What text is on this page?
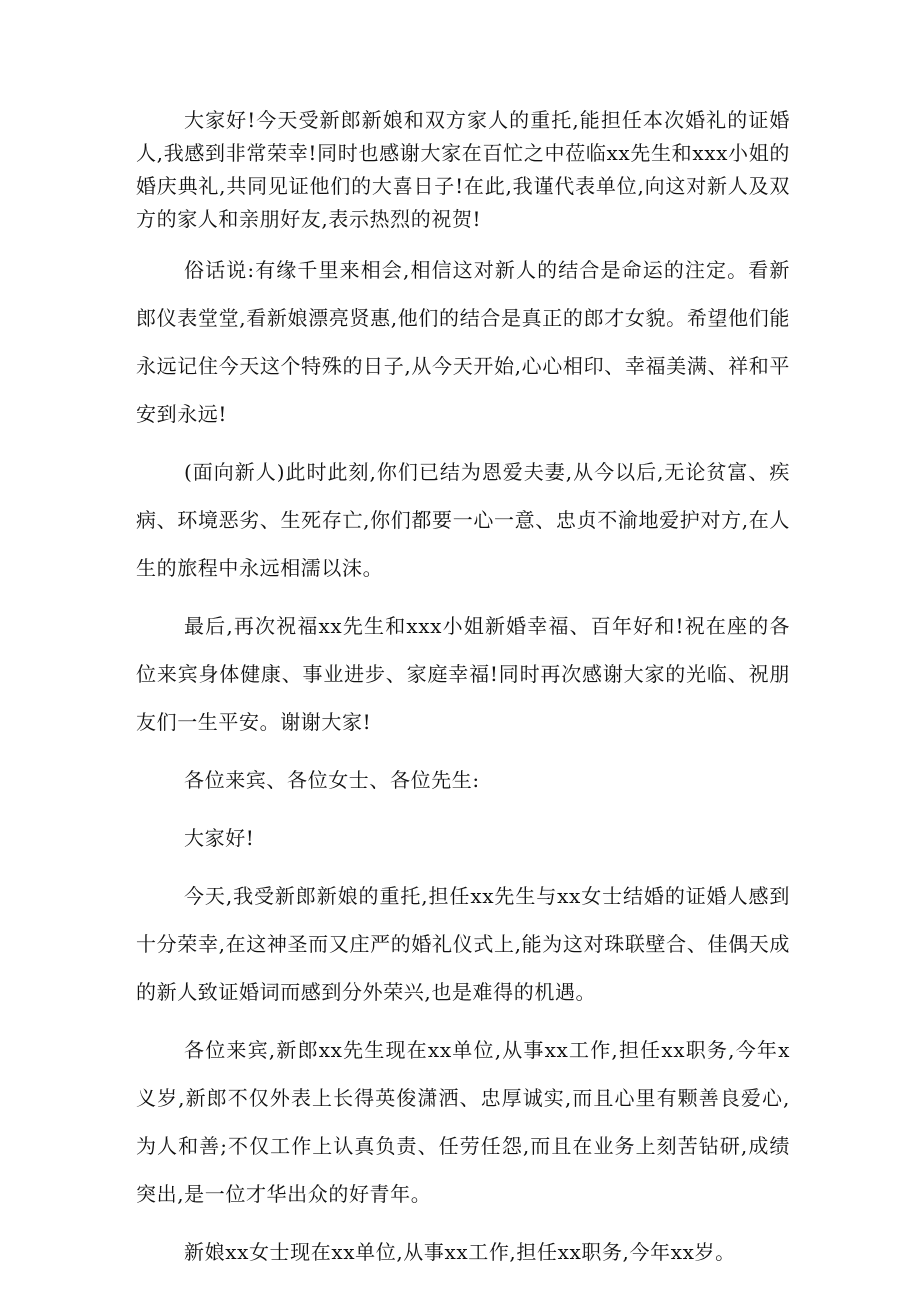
大家好!今天受新郎新娘和双方家人的重托,能担任本次婚礼的证婚人,我感到非常荣幸!同时也感谢大家在百忙之中莅临xx先生和xxx小姐的婚庆典礼,共同见证他们的大喜日子!在此,我谨代表单位,向这对新人及双方的家人和亲朋好友,表示热烈的祝贺!

俗话说:有缘千里来相会,相信这对新人的结合是命运的注定。看新郎仪表堂堂,看新娘漂亮贤惠,他们的结合是真正的郎才女貌。希望他们能永远记住今天这个特殊的日子,从今天开始,心心相印、幸福美满、祥和平安到永远!

(面向新人)此时此刻,你们已结为恩爱夫妻,从今以后,无论贫富、疾病、环境恶劣、生死存亡,你们都要一心一意、忠贞不渝地爱护对方,在人生的旅程中永远相濡以沫。

最后,再次祝福xx先生和xxx小姐新婚幸福、百年好和!祝在座的各位来宾身体健康、事业进步、家庭幸福!同时再次感谢大家的光临、祝朋友们一生平安。谢谢大家!

各位来宾、各位女士、各位先生:

大家好!

今天,我受新郎新娘的重托,担任xx先生与xx女士结婚的证婚人感到十分荣幸,在这神圣而又庄严的婚礼仪式上,能为这对珠联壁合、佳偶天成的新人致证婚词而感到分外荣兴,也是难得的机遇。

各位来宾,新郎xx先生现在xx单位,从事xx工作,担任xx职务,今年x义岁,新郎不仅外表上长得英俊潇洒、忠厚诚实,而且心里有颗善良爱心,为人和善;不仅工作上认真负责、任劳任怨,而且在业务上刻苦钻研,成绩突出,是一位才华出众的好青年。

新娘xx女士现在xx单位,从事xx工作,担任xx职务,今年xx岁。
